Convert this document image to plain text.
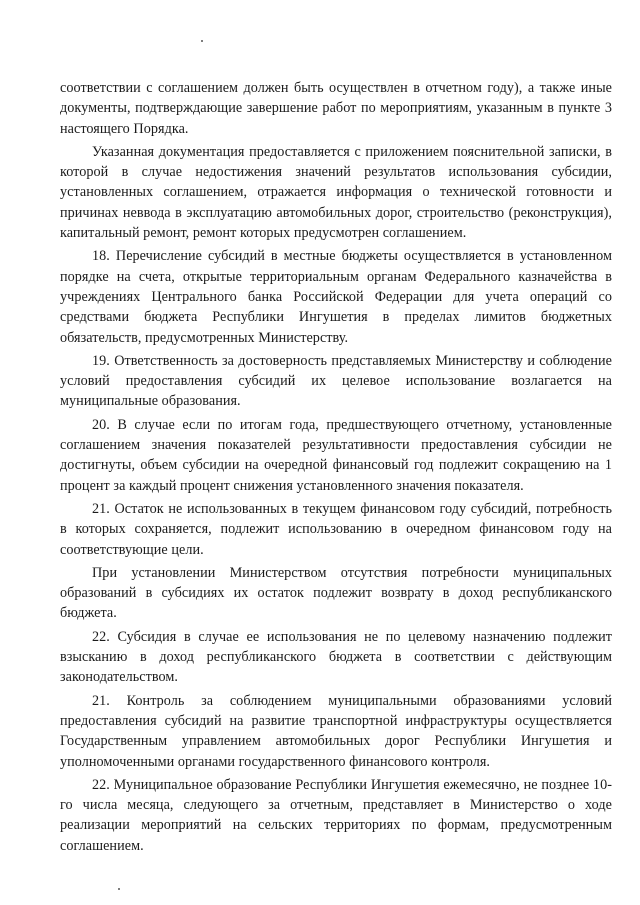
соответствии с соглашением должен быть осуществлен в отчетном году), а также иные документы, подтверждающие завершение работ по мероприятиям, указанным в пункте 3 настоящего Порядка.

Указанная документация предоставляется с приложением пояснительной записки, в которой в случае недостижения значений результатов использования субсидии, установленных соглашением, отражается информация о технической готовности и причинах неввода в эксплуатацию автомобильных дорог, строительство (реконструкция), капитальный ремонт, ремонт которых предусмотрен соглашением.

18. Перечисление субсидий в местные бюджеты осуществляется в установленном порядке на счета, открытые территориальным органам Федерального казначейства в учреждениях Центрального банка Российской Федерации для учета операций со средствами бюджета Республики Ингушетия в пределах лимитов бюджетных обязательств, предусмотренных Министерству.

19. Ответственность за достоверность представляемых Министерству и соблюдение условий предоставления субсидий их целевое использование возлагается на муниципальные образования.

20. В случае если по итогам года, предшествующего отчетному, установленные соглашением значения показателей результативности предоставления субсидии не достигнуты, объем субсидии на очередной финансовый год подлежит сокращению на 1 процент за каждый процент снижения установленного значения показателя.

21. Остаток не использованных в текущем финансовом году субсидий, потребность в которых сохраняется, подлежит использованию в очередном финансовом году на соответствующие цели.

При установлении Министерством отсутствия потребности муниципальных образований в субсидиях их остаток подлежит возврату в доход республиканского бюджета.

22. Субсидия в случае ее использования не по целевому назначению подлежит взысканию в доход республиканского бюджета в соответствии с действующим законодательством.

21. Контроль за соблюдением муниципальными образованиями условий предоставления субсидий на развитие транспортной инфраструктуры осуществляется Государственным управлением автомобильных дорог Республики Ингушетия и уполномоченными органами государственного финансового контроля.

22. Муниципальное образование Республики Ингушетия ежемесячно, не позднее 10-го числа месяца, следующего за отчетным, представляет в Министерство о ходе реализации мероприятий на сельских территориях по формам, предусмотренным соглашением.
